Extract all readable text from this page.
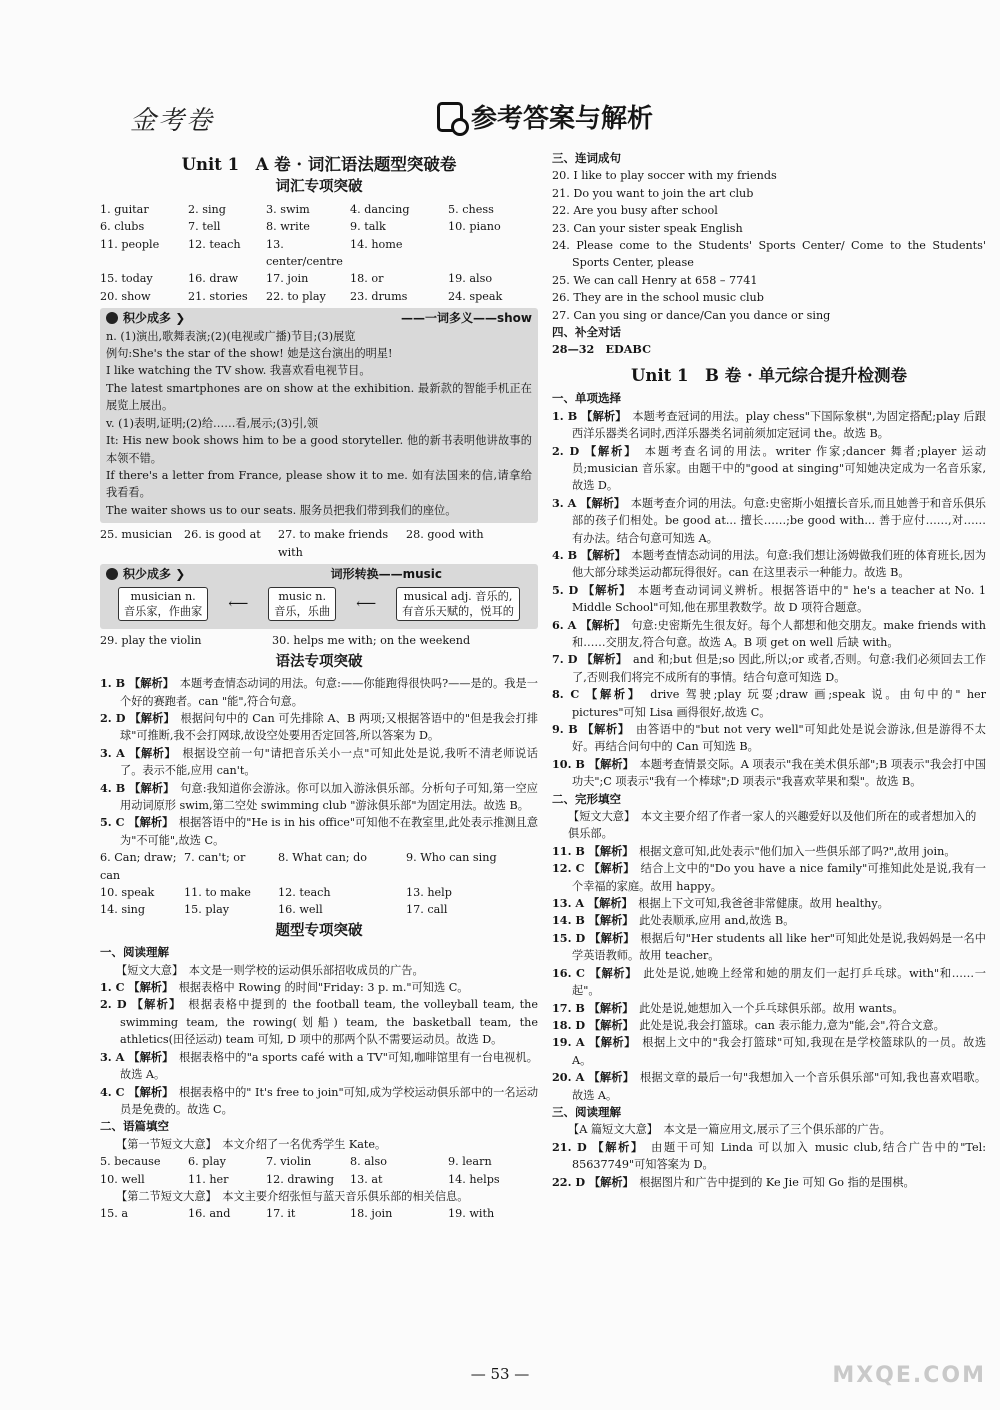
金考卷	参考答案与解析
Unit 1　A 卷 · 词汇语法题型突破卷
词汇专项突破
1. guitar	2. sing	3. swim	4. dancing	5. chess
6. clubs	7. tell	8. write	9. talk	10. piano
11. people	12. teach	13. center/centre
14. home
15. today	16. draw	17. join	18. or	19. also
20. show	21. stories	22. to play	23. drums	24. speak
积少成多 ❯	——一词多义——show

n. (1)演出,歌舞表演;(2)(电视或广播)节目;(3)展览

例句:She's the star of the show! 她是这台演出的明星!

I like watching the TV show. 我喜欢看电视节目。

The latest smartphones are on show at the exhibition. 最新款的智能手机正在展览上展出。

v. (1)表明,证明;(2)给……看,展示;(3)引,领

It: His new book shows him to be a good storyteller. 他的新书表明他讲故事的本领不错。

If there's a letter from France, please show it to me. 如有法国来的信,请拿给我看看。

The waiter shows us to our seats. 服务员把我们带到我们的座位。

25. musician	26. is good at	27. to make friends with
28. good with
积少成多 ❯	词形转换——music
musician n.
音乐家，作曲家
⟵	music n.
音乐，乐曲
⟵	musical adj. 音乐的,
有音乐天赋的，悦耳的
29. play the violin	30. helps me with; on the weekend
语法专项突破

1. B 【解析】　本题考查情态动词的用法。句意:——你能跑得很快吗?——是的。我是一个好的赛跑者。can "能",符合句意。

2. D 【解析】　根据问句中的 Can 可先排除 A、B 两项;又根据答语中的"但是我会打排球"可推断,我不会打网球,故设空处要用否定回答,所以答案为 D。

3. A 【解析】　根据设空前一句"请把音乐关小一点"可知此处是说,我听不清老师说话了。表示不能,应用 can't。

4. B 【解析】　句意:我知道你会游泳。你可以加入游泳俱乐部。分析句子可知,第一空应用动词原形 swim,第二空处 swimming club "游泳俱乐部"为固定用法。故选 B。

5. C 【解析】　根据答语中的"He is in his office"可知他不在教室里,此处表示推测且意为"不可能",故选 C。

6. Can; draw; can
7. can't; or	8. What can; do	9. Who can sing
10. speak	11. to make	12. teach	13. help
14. sing	15. play	16. well	17. call
题型专项突破
一、阅读理解
【短文大意】　本文是一则学校的运动俱乐部招收成员的广告。

1. C 【解析】　根据表格中 Rowing 的时间"Friday: 3 p. m."可知选 C。

2. D 【解析】　根据表格中提到的 the football team, the volleyball team, the swimming team, the rowing(划船) team, the basketball team, the athletics(田径运动) team 可知, D 项中的那两个队不需要运动员。故选 D。

3. A 【解析】　根据表格中的"a sports café with a TV"可知,咖啡馆里有一台电视机。故选 A。

4. C 【解析】　根据表格中的" It's free to join"可知,成为学校运动俱乐部中的一名运动员是免费的。故选 C。

二、语篇填空
【第一节短文大意】　本文介绍了一名优秀学生 Kate。
5. because	6. play	7. violin	8. also	9. learn
10. well	11. her	12. drawing	13. at	14. helps
【第二节短文大意】　本文主要介绍张恒与蓝天音乐俱乐部的相关信息。
15. a	16. and	17. it	18. join	19. with
三、连词成句

20. I like to play soccer with my friends

21. Do you want to join the art club

22. Are you busy after school

23. Can your sister speak English

24. Please come to the Students' Sports Center/ Come to the Students' Sports Center, please

25. We can call Henry at 658 – 7741

26. They are in the school music club

27. Can you sing or dance/Can you dance or sing

四、补全对话
28—32　EDABC
Unit 1　B 卷 · 单元综合提升检测卷
一、单项选择

1. B 【解析】　本题考查冠词的用法。play chess"下国际象棋",为固定搭配;play 后跟西洋乐器类名词时,西洋乐器类名词前须加定冠词 the。故选 B。

2. D 【解析】　本题考查名词的用法。writer 作家;dancer 舞者;player 运动员;musician 音乐家。由题干中的"good at singing"可知她决定成为一名音乐家,故选 D。

3. A 【解析】　本题考查介词的用法。句意:史密斯小姐擅长音乐,而且她善于和音乐俱乐部的孩子们相处。be good at... 擅长……;be good with... 善于应付……,对……有办法。结合句意可知选 A。

4. B 【解析】　本题考查情态动词的用法。句意:我们想让汤姆做我们班的体育班长,因为他大部分球类运动都玩得很好。can 在这里表示一种能力。故选 B。

5. D 【解析】　本题考查动词词义辨析。根据答语中的" he's a teacher at No. 1 Middle School"可知,他在那里教数学。故 D 项符合题意。

6. A 【解析】　句意:史密斯先生很友好。每个人都想和他交朋友。make friends with 和……交朋友,符合句意。故选 A。B 项 get on well 后缺 with。

7. D 【解析】　and 和;but 但是;so 因此,所以;or 或者,否则。句意:我们必须回去工作了,否则我们将完不成所有的事情。结合句意可知选 D。

8. C 【解析】　drive 驾驶;play 玩耍;draw 画;speak 说。由句中的" her pictures"可知 Lisa 画得很好,故选 C。

9. B 【解析】　由答语中的"but not very well"可知此处是说会游泳,但是游得不太好。再结合问句中的 Can 可知选 B。

10. B 【解析】　本题考查情景交际。A 项表示"我在美术俱乐部";B 项表示"我会打中国功夫";C 项表示"我有一个棒球";D 项表示"我喜欢苹果和梨"。故选 B。

二、完形填空
【短文大意】　本文主要介绍了作者一家人的兴趣爱好以及他们所在的或者想加入的俱乐部。

11. B 【解析】　根据文意可知,此处表示"他们加入一些俱乐部了吗?",故用 join。

12. C 【解析】　结合上文中的"Do you have a nice family"可推知此处是说,我有一个幸福的家庭。故用 happy。

13. A 【解析】　根据上下文可知,我爸爸非常健康。故用 healthy。

14. B 【解析】　此处表顺承,应用 and,故选 B。

15. D 【解析】　根据后句"Her students all like her"可知此处是说,我妈妈是一名中学英语教师。故用 teacher。

16. C 【解析】　此处是说,她晚上经常和她的朋友们一起打乒乓球。with"和……一起"。

17. B 【解析】　此处是说,她想加入一个乒乓球俱乐部。故用 wants。

18. D 【解析】　此处是说,我会打篮球。can 表示能力,意为"能,会",符合文意。

19. A 【解析】　根据上文中的"我会打篮球"可知,我现在是学校篮球队的一员。故选 A。

20. A 【解析】　根据文章的最后一句"我想加入一个音乐俱乐部"可知,我也喜欢唱歌。故选 A。

三、阅读理解
【A 篇短文大意】　本文是一篇应用文,展示了三个俱乐部的广告。

21. D 【解析】　由题干可知 Linda 可以加入 music club,结合广告中的"Tel: 85637749"可知答案为 D。

22. D 【解析】　根据图片和广告中提到的 Ke Jie 可知 Go 指的是围棋。

— 53 —	MXQE.COM
